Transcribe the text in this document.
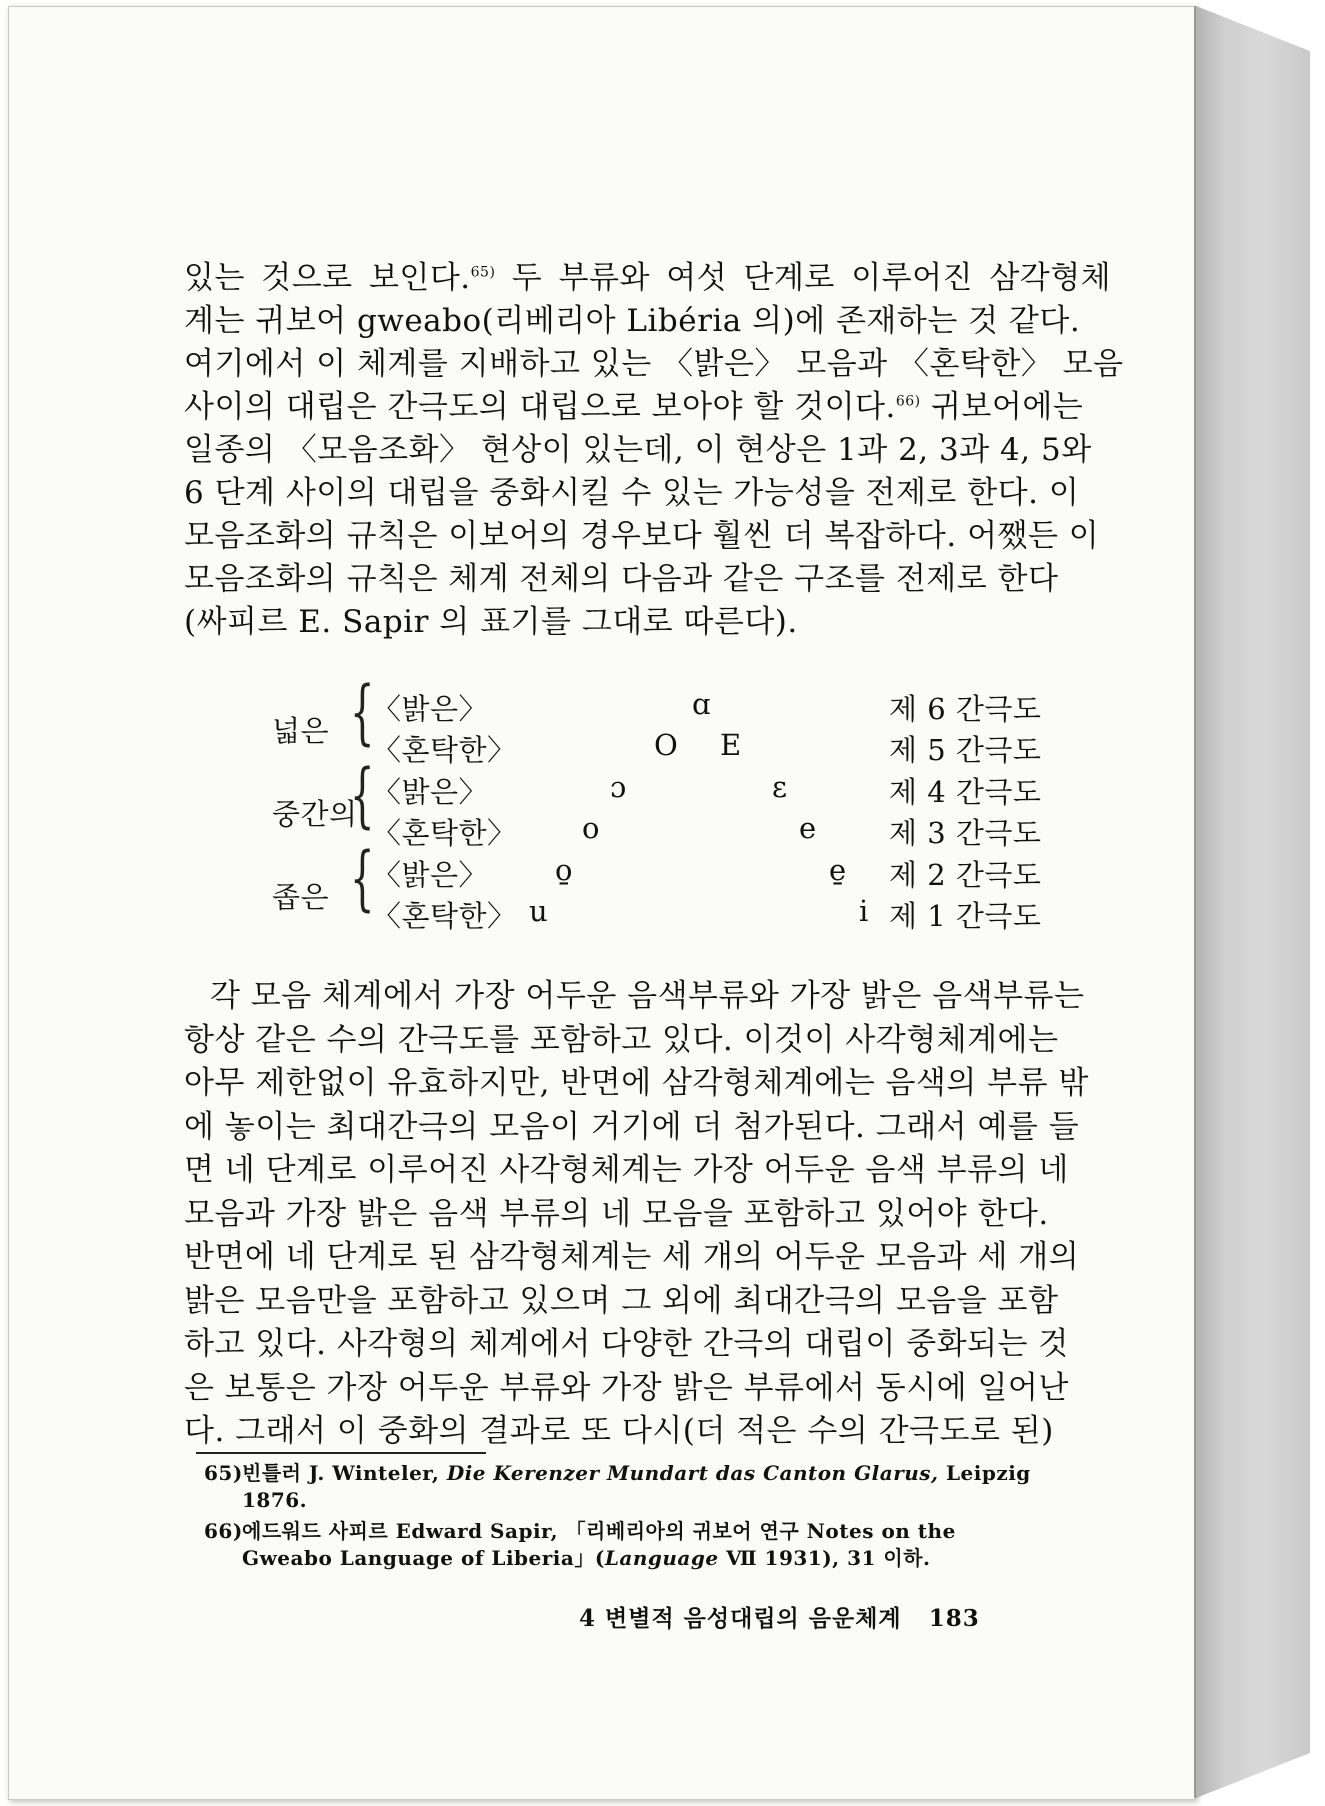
있는 것으로 보인다.$^{65)}$ 두 부류와 여섯 단계로 이루어진 삼각형체
계는 귀보어 gweabo(리베리아 Libéria 의)에 존재하는 것 같다.
여기에서 이 체계를 지배하고 있는 〈밝은〉 모음과 〈혼탁한〉 모음
사이의 대립은 간극도의 대립으로 보아야 할 것이다.$^{66)}$ 귀보어에는
일종의 〈모음조화〉 현상이 있는데, 이 현상은 1과 2, 3과 4, 5와
6 단계 사이의 대립을 중화시킬 수 있는 가능성을 전제로 한다. 이
모음조화의 규칙은 이보어의 경우보다 훨씬 더 복잡하다. 어쨌든 이
모음조화의 규칙은 체계 전체의 다음과 같은 구조를 전제로 한다
(싸피르 E. Sapir 의 표기를 그대로 따른다).
넓은 {
〈밝은〉	ɑ	제 6 간극도
〈혼탁한〉	O E	제 5 간극도
중간의
{
〈밝은〉	ɔ	ɛ	제 4 간극도
〈혼탁한〉 o	e 제 3 간극도
좁은 {
〈밝은〉 o̱	e̱ 제 2 간극도
〈혼탁한〉 u	i 제 1 간극도
각 모음 체계에서 가장 어두운 음색부류와 가장 밝은 음색부류는
항상 같은 수의 간극도를 포함하고 있다. 이것이 사각형체계에는
아무 제한없이 유효하지만, 반면에 삼각형체계에는 음색의 부류 밖
에 놓이는 최대간극의 모음이 거기에 더 첨가된다. 그래서 예를 들
면 네 단계로 이루어진 사각형체계는 가장 어두운 음색 부류의 네
모음과 가장 밝은 음색 부류의 네 모음을 포함하고 있어야 한다.
반면에 네 단계로 된 삼각형체계는 세 개의 어두운 모음과 세 개의
밝은 모음만을 포함하고 있으며 그 외에 최대간극의 모음을 포함
하고 있다. 사각형의 체계에서 다양한 간극의 대립이 중화되는 것
은 보통은 가장 어두운 부류와 가장 밝은 부류에서 동시에 일어난
다. 그래서 이 중화의 결과로 또 다시(더 적은 수의 간극도로 된)
65) 빈틀러 J. Winteler, Die Kerenzer Mundart das Canton Glarus, Leipzig 1876.

66) 에드워드 사피르 Edward Sapir, 「리베리아의 귀보어 연구 Notes on the Gweabo Language of Liberia」(Language Ⅶ 1931), 31 이하.

4 변별적 음성대립의 음운체계 183
